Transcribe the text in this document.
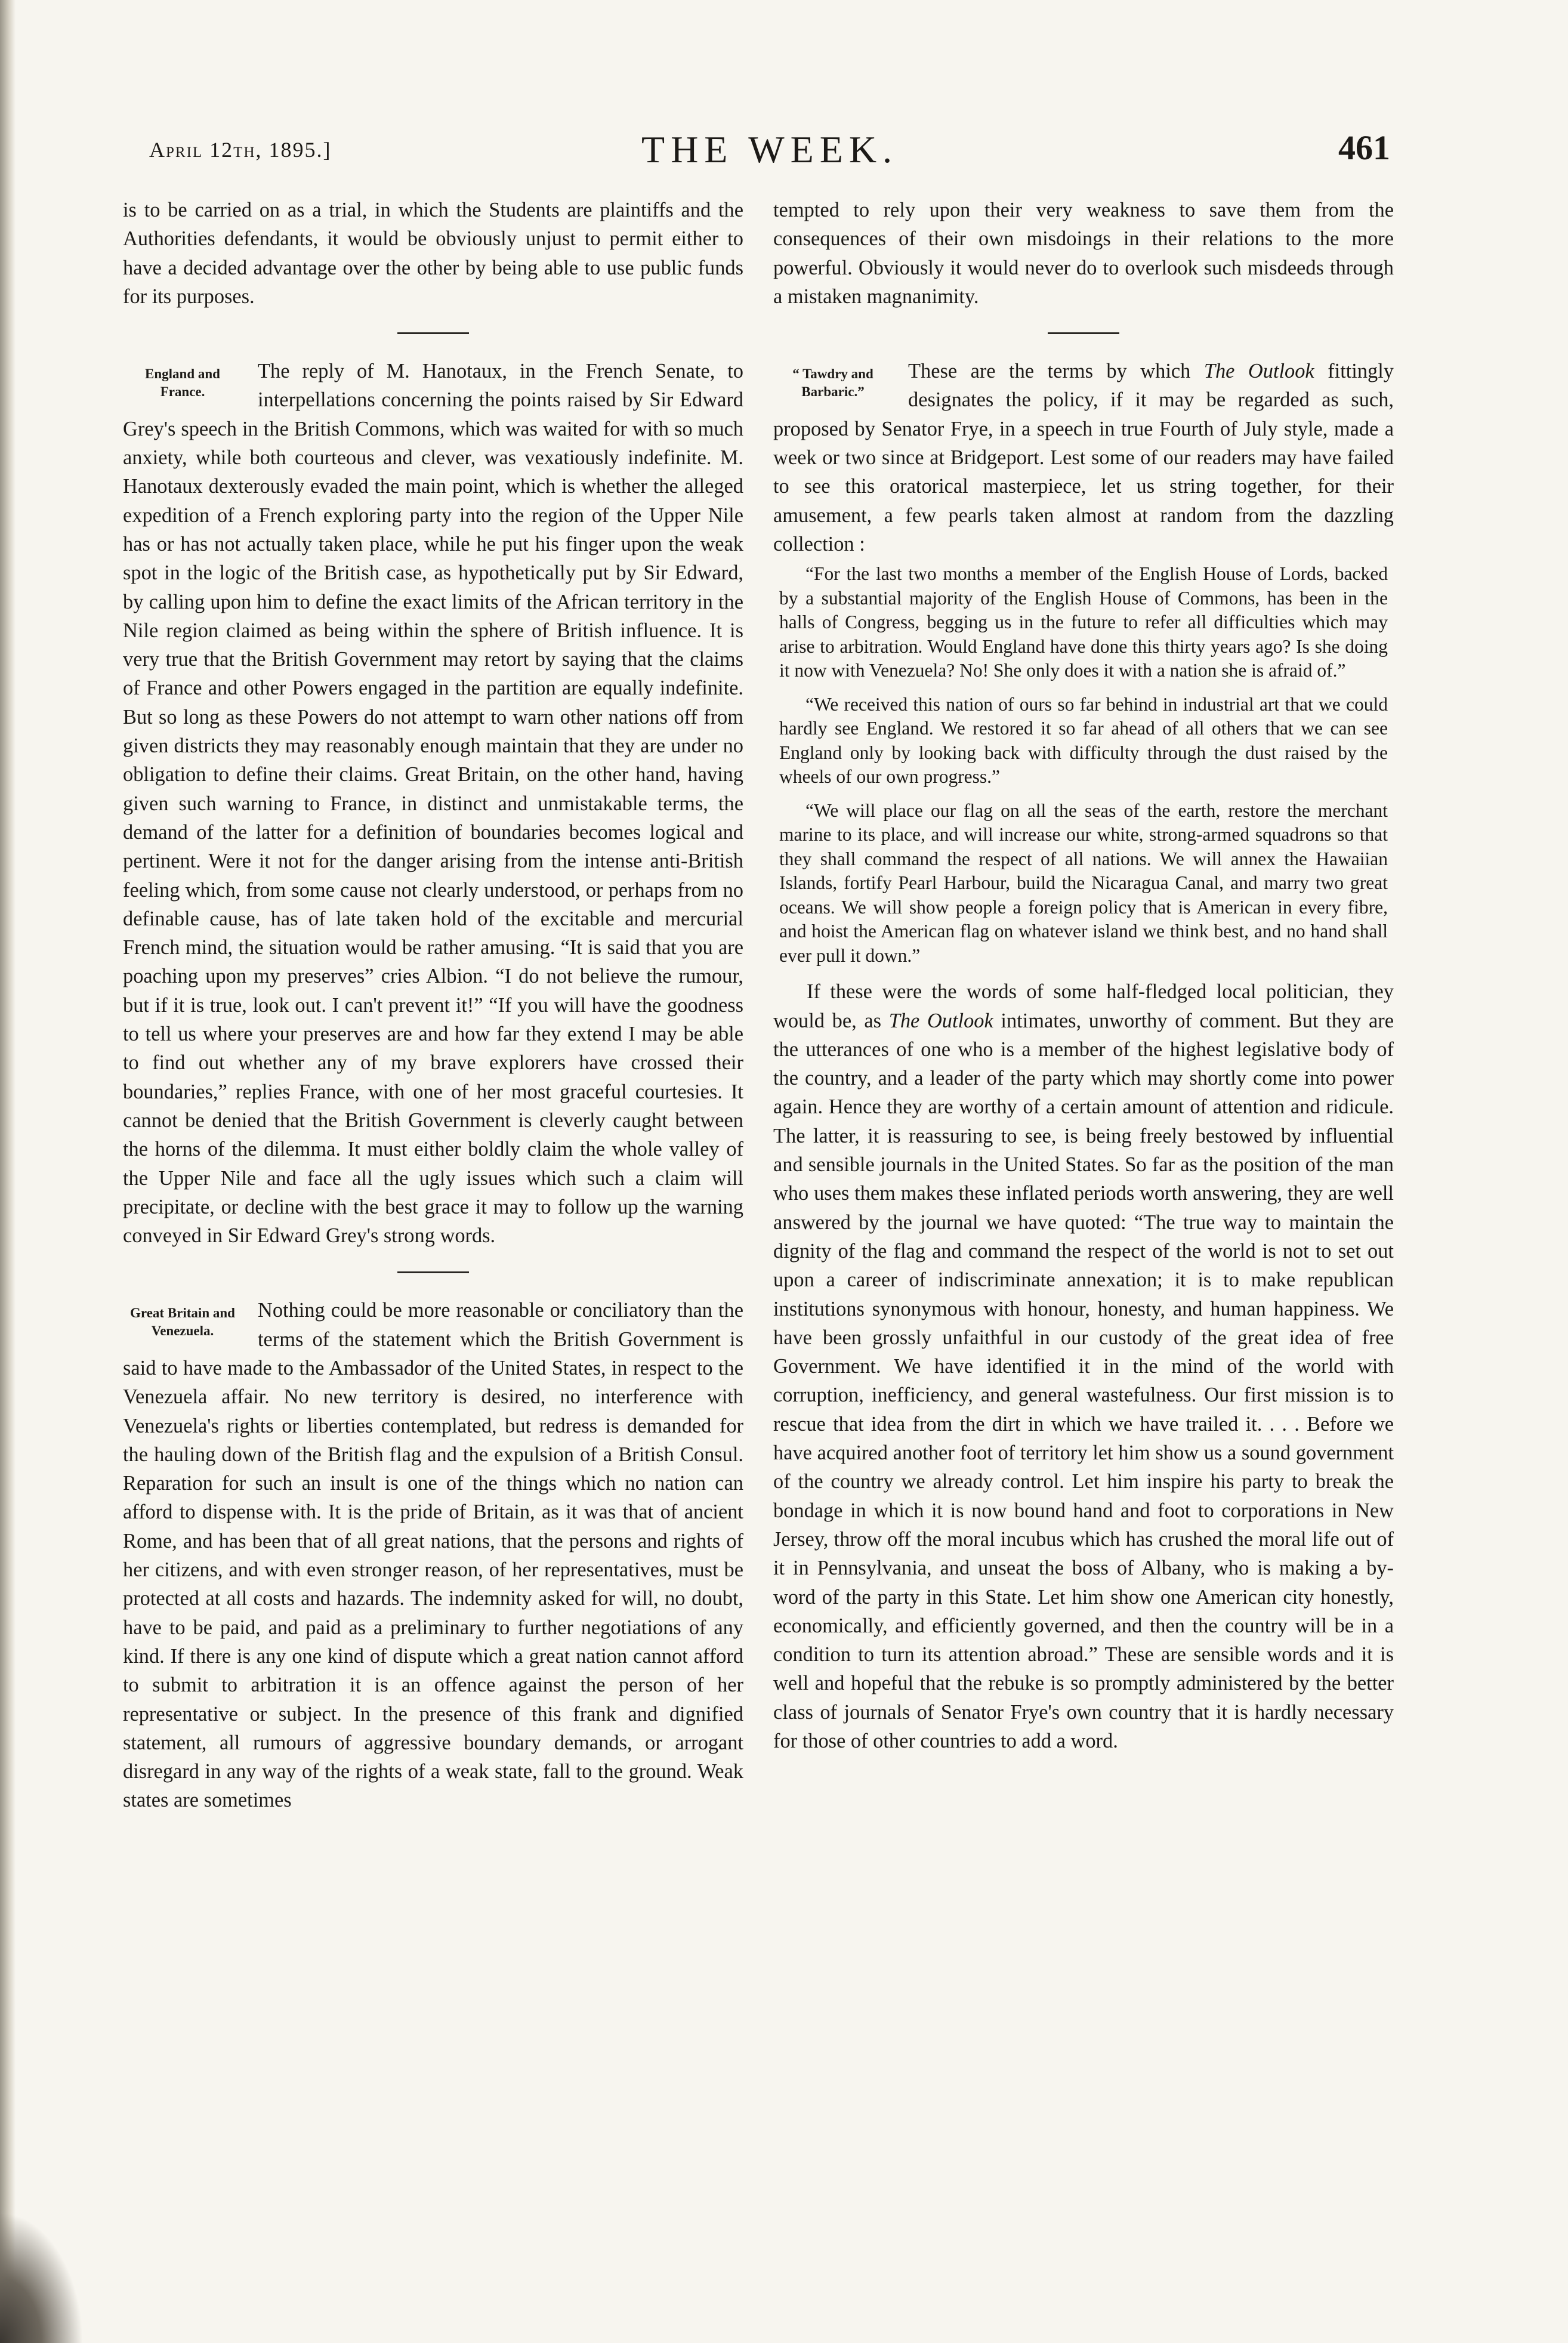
April 12th, 1895.]	THE WEEK.	461

is to be carried on as a trial, in which the Students are plaintiffs and the Authorities defendants, it would be obviously unjust to permit either to have a decided advantage over the other by being able to use public funds for its purposes.

England and
France.

The reply of M. Hanotaux, in the French Senate, to interpellations concerning the points raised by Sir Edward Grey's speech in the British Commons, which was waited for with so much anxiety, while both courteous and clever, was vexatiously indefinite. M. Hanotaux dexterously evaded the main point, which is whether the alleged expedition of a French exploring party into the region of the Upper Nile has or has not actually taken place, while he put his finger upon the weak spot in the logic of the British case, as hypothetically put by Sir Edward, by calling upon him to define the exact limits of the African territory in the Nile region claimed as being within the sphere of British influence. It is very true that the British Government may retort by saying that the claims of France and other Powers engaged in the partition are equally indefinite. But so long as these Powers do not attempt to warn other nations off from given districts they may reasonably enough maintain that they are under no obligation to define their claims. Great Britain, on the other hand, having given such warning to France, in distinct and unmistakable terms, the demand of the latter for a definition of boundaries becomes logical and pertinent. Were it not for the danger arising from the intense anti-British feeling which, from some cause not clearly understood, or perhaps from no definable cause, has of late taken hold of the excitable and mercurial French mind, the situation would be rather amusing. “It is said that you are poaching upon my preserves” cries Albion. “I do not believe the rumour, but if it is true, look out. I can't prevent it!” “If you will have the goodness to tell us where your preserves are and how far they extend I may be able to find out whether any of my brave explorers have crossed their boundaries,” replies France, with one of her most graceful courtesies. It cannot be denied that the British Government is cleverly caught between the horns of the dilemma. It must either boldly claim the whole valley of the Upper Nile and face all the ugly issues which such a claim will precipitate, or decline with the best grace it may to follow up the warning conveyed in Sir Edward Grey's strong words.

Great Britain and
Venezuela.

Nothing could be more reasonable or conciliatory than the terms of the statement which the British Government is said to have made to the Ambassador of the United States, in respect to the Venezuela affair. No new territory is desired, no interference with Venezuela's rights or liberties contemplated, but redress is demanded for the hauling down of the British flag and the expulsion of a British Consul. Reparation for such an insult is one of the things which no nation can afford to dispense with. It is the pride of Britain, as it was that of ancient Rome, and has been that of all great nations, that the persons and rights of her citizens, and with even stronger reason, of her representatives, must be protected at all costs and hazards. The indemnity asked for will, no doubt, have to be paid, and paid as a preliminary to further negotiations of any kind. If there is any one kind of dispute which a great nation cannot afford to submit to arbitration it is an offence against the person of her representative or subject. In the presence of this frank and dignified statement, all rumours of aggressive boundary demands, or arrogant disregard in any way of the rights of a weak state, fall to the ground. Weak states are sometimes

tempted to rely upon their very weakness to save them from the consequences of their own misdoings in their relations to the more powerful. Obviously it would never do to overlook such misdeeds through a mistaken magnanimity.

“ Tawdry and
Barbaric.”

These are the terms by which The Outlook fittingly designates the policy, if it may be regarded as such, proposed by Senator Frye, in a speech in true Fourth of July style, made a week or two since at Bridgeport. Lest some of our readers may have failed to see this oratorical masterpiece, let us string together, for their amusement, a few pearls taken almost at random from the dazzling collection :

“For the last two months a member of the English House of Lords, backed by a substantial majority of the English House of Commons, has been in the halls of Congress, begging us in the future to refer all difficulties which may arise to arbitration. Would England have done this thirty years ago? Is she doing it now with Venezuela? No! She only does it with a nation she is afraid of.”

“We received this nation of ours so far behind in industrial art that we could hardly see England. We restored it so far ahead of all others that we can see England only by looking back with difficulty through the dust raised by the wheels of our own progress.”

“We will place our flag on all the seas of the earth, restore the merchant marine to its place, and will increase our white, strong-armed squadrons so that they shall command the respect of all nations. We will annex the Hawaiian Islands, fortify Pearl Harbour, build the Nicaragua Canal, and marry two great oceans. We will show people a foreign policy that is American in every fibre, and hoist the American flag on whatever island we think best, and no hand shall ever pull it down.”

If these were the words of some half-fledged local politician, they would be, as The Outlook intimates, unworthy of comment. But they are the utterances of one who is a member of the highest legislative body of the country, and a leader of the party which may shortly come into power again. Hence they are worthy of a certain amount of attention and ridicule. The latter, it is reassuring to see, is being freely bestowed by influential and sensible journals in the United States. So far as the position of the man who uses them makes these inflated periods worth answering, they are well answered by the journal we have quoted: “The true way to maintain the dignity of the flag and command the respect of the world is not to set out upon a career of indiscriminate annexation; it is to make republican institutions synonymous with honour, honesty, and human happiness. We have been grossly unfaithful in our custody of the great idea of free Government. We have identified it in the mind of the world with corruption, inefficiency, and general wastefulness. Our first mission is to rescue that idea from the dirt in which we have trailed it. . . . Before we have acquired another foot of territory let him show us a sound government of the country we already control. Let him inspire his party to break the bondage in which it is now bound hand and foot to corporations in New Jersey, throw off the moral incubus which has crushed the moral life out of it in Pennsylvania, and unseat the boss of Albany, who is making a by-word of the party in this State. Let him show one American city honestly, economically, and efficiently governed, and then the country will be in a condition to turn its attention abroad.” These are sensible words and it is well and hopeful that the rebuke is so promptly administered by the better class of journals of Senator Frye's own country that it is hardly necessary for those of other countries to add a word.
